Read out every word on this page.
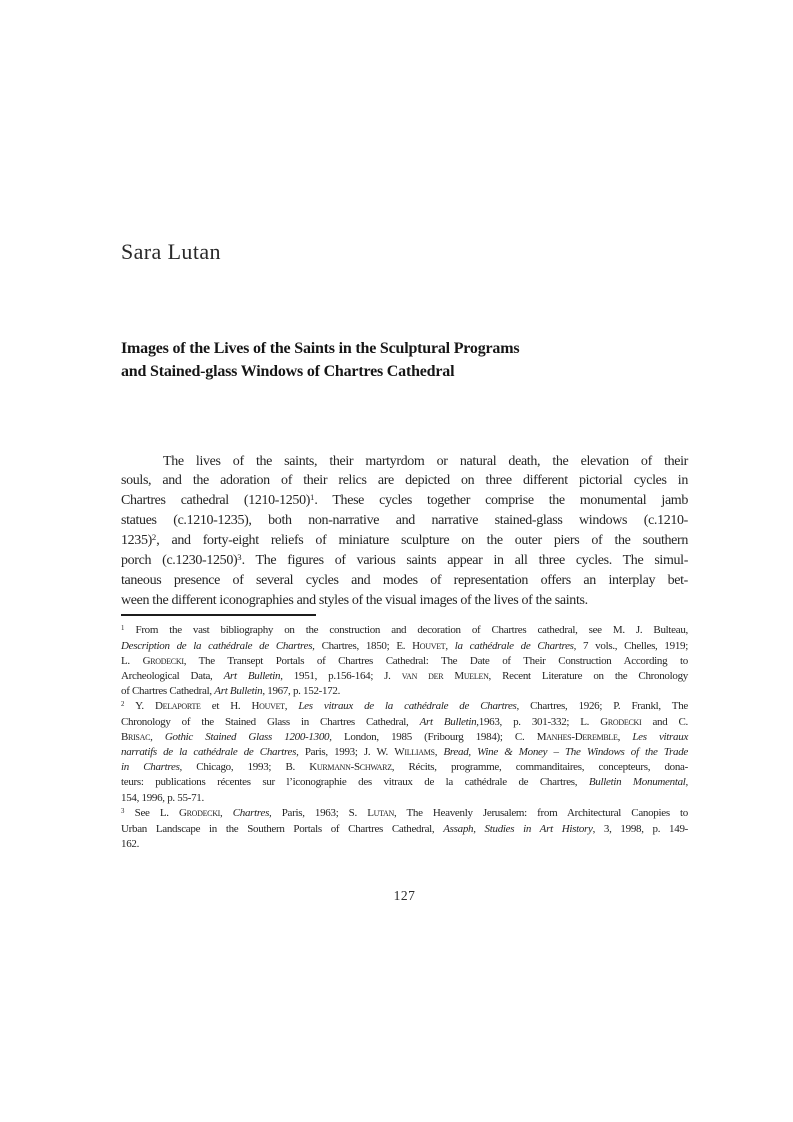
Sara Lutan
Images of the Lives of the Saints in the Sculptural Programs
and Stained-glass Windows of Chartres Cathedral
The lives of the saints, their martyrdom or natural death, the elevation of their
souls, and the adoration of their relics are depicted on three different pictorial cycles in
Chartres cathedral (1210-1250)$^1$. These cycles together comprise the monumental jamb
statues (c.1210-1235), both non-narrative and narrative stained-glass windows (c.1210-
1235)$^2$, and forty-eight reliefs of miniature sculpture on the outer piers of the southern
porch $(c.1230-1250)^3$. The figures of various saints appear in all three cycles. The simul-
taneous presence of several cycles and modes of representation offers an interplay bet-
ween the different iconographies and styles of the visual images of the lives of the saints.
$^1$ From the vast bibliography on the construction and decoration of Chartres cathedral, see M. J. Bulteau,
Description de la cathédrale de Chartres, Chartres, 1850; E. Houvet, la cathédrale de Chartres, 7 vols., Chelles, 1919;
L. Grodecki, The Transept Portals of Chartres Cathedral: The Date of Their Construction According to
Archeological Data, Art Bulletin, 1951, p.156-164; J. van der Muelen, Recent Literature on the Chronology
of Chartres Cathedral, Art Bulletin, 1967, p. 152-172.
$^2$ Y. Delaporte et H. Houvet, Les vitraux de la cathédrale de Chartres, Chartres, 1926; P. Frankl, The
Chronology of the Stained Glass in Chartres Cathedral, Art Bulletin,1963, p. 301-332; L. Grodecki and C.
Brisac, Gothic Stained Glass 1200-1300, London, 1985 (Fribourg 1984); C. Manhes-Deremble, Les vitraux
narratifs de la cathédrale de Chartres, Paris, 1993; J. W. Williams, Bread, Wine & Money – The Windows of the Trade
in Chartres, Chicago, 1993; B. Kurmann-Schwarz, Récits, programme, commanditaires, concepteurs, dona-
teurs: publications récentes sur l’iconographie des vitraux de la cathédrale de Chartres, Bulletin Monumental,
154, 1996, p. 55-71.
$^3$ See L. Grodecki, Chartres, Paris, 1963; S. Lutan, The Heavenly Jerusalem: from Architectural Canopies to
Urban Landscape in the Southern Portals of Chartres Cathedral, Assaph, Studies in Art History, 3, 1998, p. 149-
162.
127
